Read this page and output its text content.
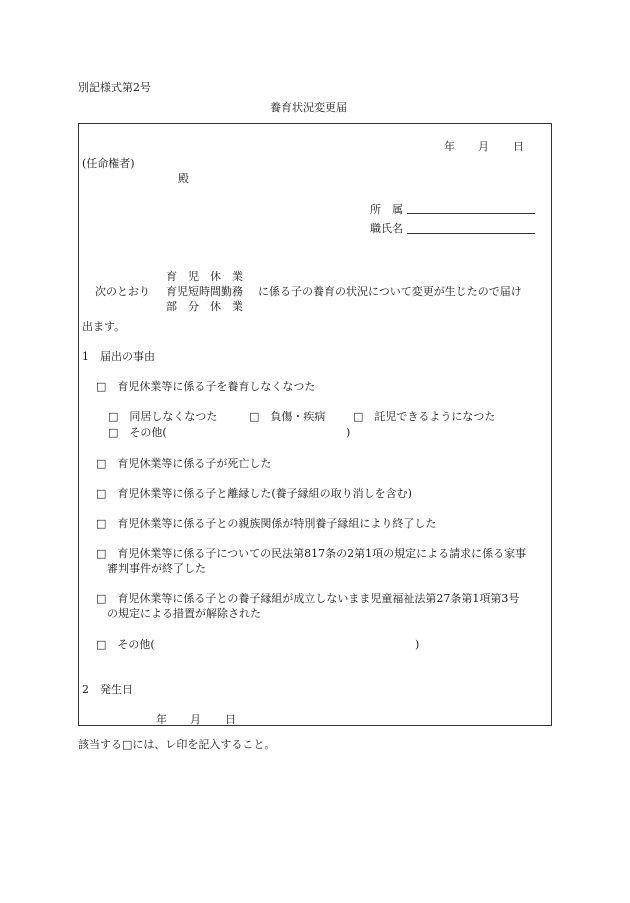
別記様式第2号
養育状況変更届
年 月 日
(任命権者)
殿
所　属
職氏名
育　児　休　業
次のとおり 育児短時間勤務 に係る子の養育の状況について変更が生じたので届け
部　分　休　業
出ます。
1　届出の事由
□　育児休業等に係る子を養育しなくなつた
□　同居しなくなつた	□　負傷・疾病	□　託児できるようになつた
□　その他(	)
□　育児休業等に係る子が死亡した
□　育児休業等に係る子と離縁した(養子縁組の取り消しを含む)
□　育児休業等に係る子との親族関係が特別養子縁組により終了した
□　育児休業等に係る子についての民法第817条の2第1項の規定による請求に係る家事
審判事件が終了した
□　育児休業等に係る子との養子縁組が成立しないまま児童福祉法第27条第1項第3号
の規定による措置が解除された
□　その他(	)
2　発生日
年 月 日
該当する□には、レ印を記入すること。
